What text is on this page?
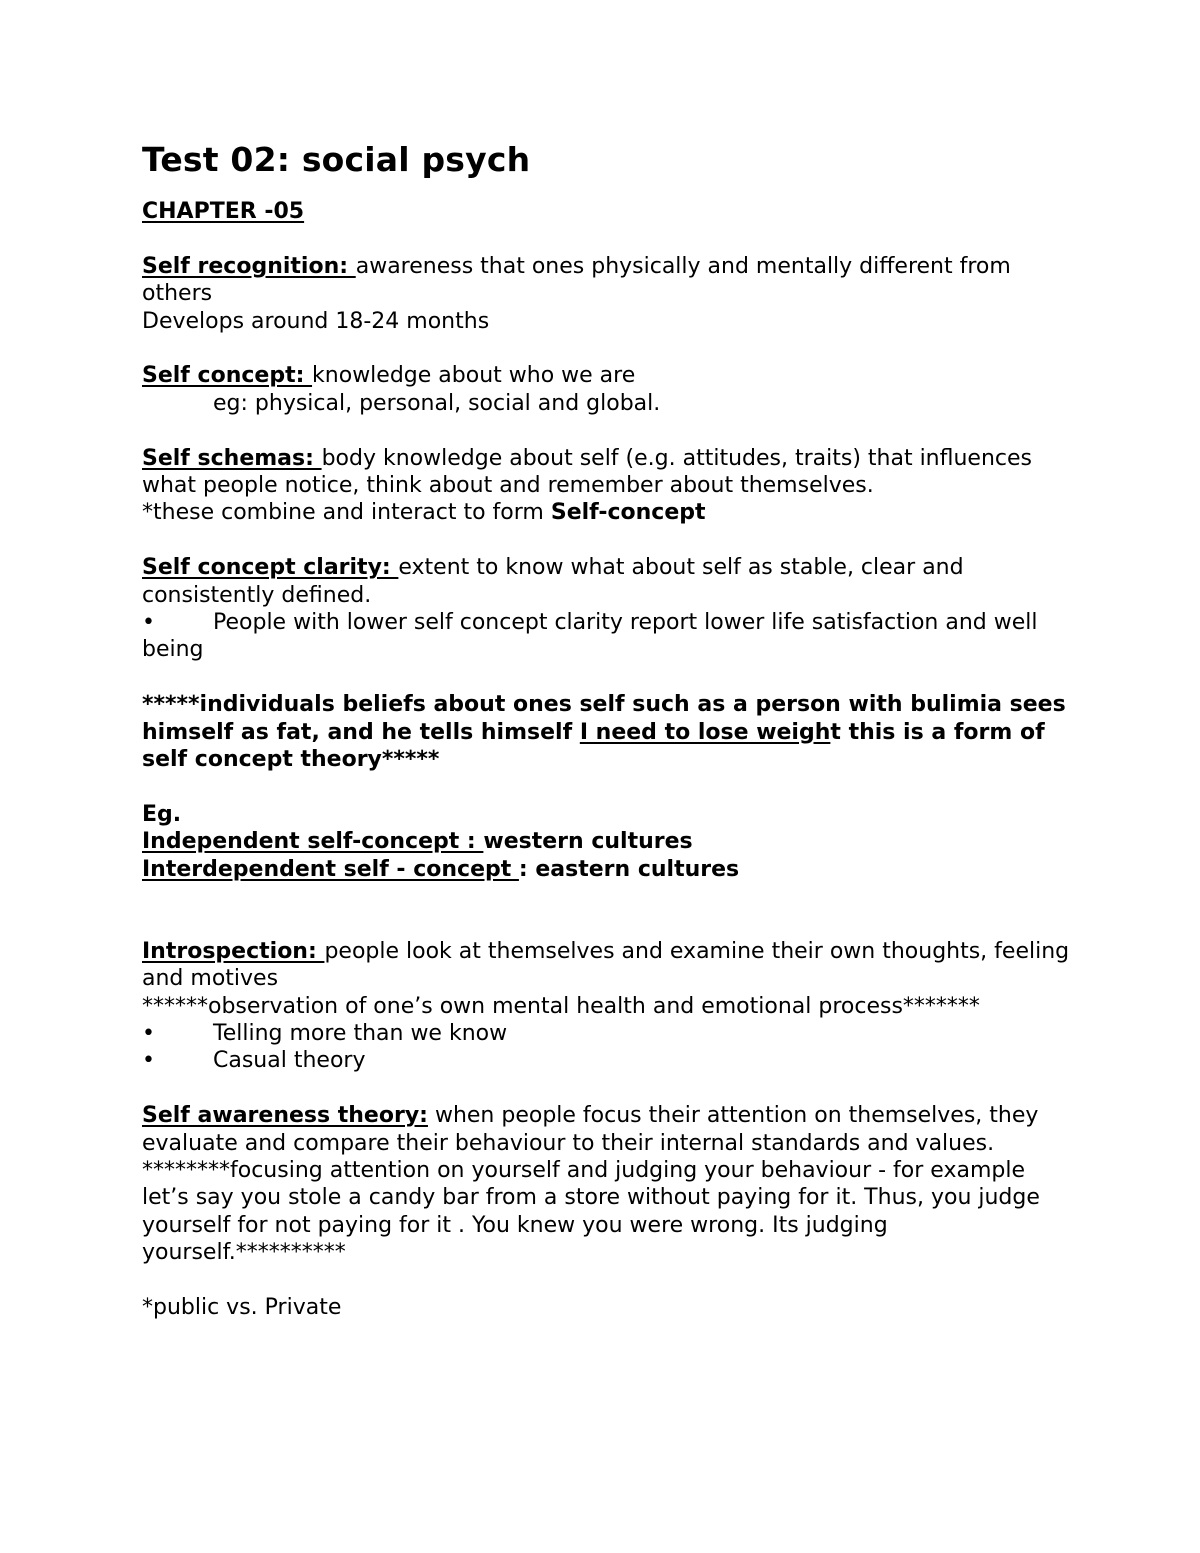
Test 02: social psych

CHAPTER -05

Self recognition: awareness that ones physically and mentally different from others

Develops around 18-24 months

Self concept: knowledge about who we are

eg: physical, personal, social and global.

Self schemas: body knowledge about self (e.g. attitudes, traits) that influences what people notice, think about and remember about themselves.

*these combine and interact to form Self-concept

Self concept clarity: extent to know what about self as stable, clear and consistently defined.

•	People with lower self concept clarity report lower life satisfaction and well being

*****individuals beliefs about ones self such as a person with bulimia sees himself as fat, and he tells himself I need to lose weight this is a form of self concept theory*****

Eg.

Independent self-concept : western cultures

Interdependent self - concept : eastern cultures

Introspection: people look at themselves and examine their own thoughts, feeling and motives

******observation of one’s own mental health and emotional process*******

•	Telling more than we know

•	Casual theory

Self awareness theory: when people focus their attention on themselves, they evaluate and compare their behaviour to their internal standards and values.

********focusing attention on yourself and judging your behaviour - for example let’s say you stole a candy bar from a store without paying for it. Thus, you judge yourself for not paying for it . You knew you were wrong. Its judging yourself.**********

*public vs. Private
